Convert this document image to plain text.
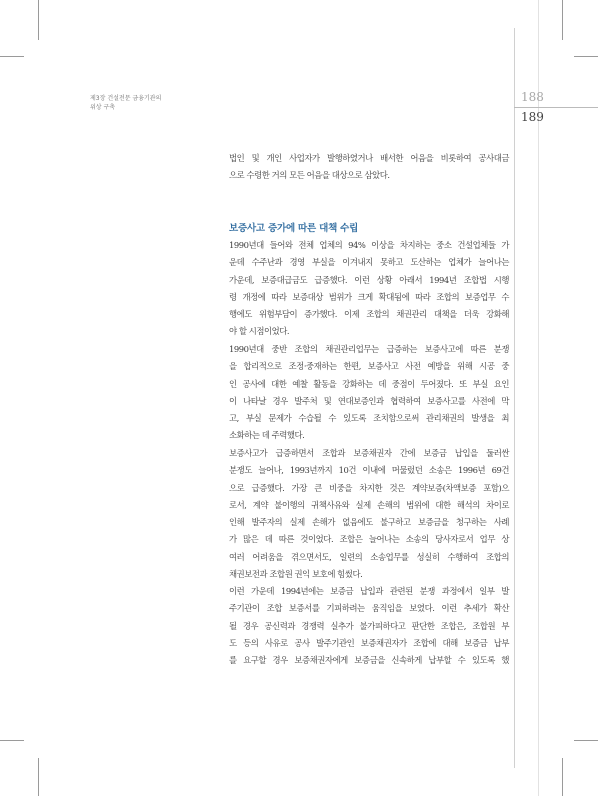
제3장 건설전문 금융기관의
위상 구축
188
189
법인 및 개인 사업자가 발행하였거나 배서한 어음을 비롯하여 공사대금
으로 수령한 거의 모든 어음을 대상으로 삼았다.
보증사고 증가에 따른 대책 수립
1990년대 들어와 전체 업체의 94% 이상을 차지하는 중소 건설업체들 가
운데 수주난과 경영 부실을 이겨내지 못하고 도산하는 업체가 늘어나는
가운데, 보증대급금도 급증했다. 이런 상황 아래서 1994년 조합법 시행
령 개정에 따라 보증대상 범위가 크게 확대됨에 따라 조합의 보증업무 수
행에도 위험부담이 증가했다. 이제 조합의 채권관리 대책을 더욱 강화해
야 할 시점이었다.
1990년대 중반 조합의 채권관리업무는 급증하는 보증사고에 따른 분쟁
을 합리적으로 조정·중재하는 한편, 보증사고 사전 예방을 위해 시공 중
인 공사에 대한 예찰 활동을 강화하는 데 중점이 두어졌다. 또 부실 요인
이 나타날 경우 발주처 및 연대보증인과 협력하여 보증사고를 사전에 막
고, 부실 문제가 수습될 수 있도록 조치함으로써 관리채권의 발생을 최
소화하는 데 주력했다.
보증사고가 급증하면서 조합과 보증채권자 간에 보증금 납입을 둘러싼
분쟁도 늘어나, 1993년까지 10건 이내에 머물렀던 소송은 1996년 69건
으로 급증했다. 가장 큰 비중을 차지한 것은 계약보증(차액보증 포함)으
로서, 계약 불이행의 귀책사유와 실제 손해의 범위에 대한 해석의 차이로
인해 발주자의 실제 손해가 없음에도 불구하고 보증금을 청구하는 사례
가 많은 데 따른 것이었다. 조합은 늘어나는 소송의 당사자로서 업무 상
여러 어려움을 겪으면서도, 일련의 소송업무를 성실히 수행하여 조합의
채권보전과 조합원 권익 보호에 힘썼다.
이런 가운데 1994년에는 보증금 납입과 관련된 분쟁 과정에서 일부 발
주기관이 조합 보증서를 기피하려는 움직임을 보였다. 이런 추세가 확산
될 경우 공신력과 경쟁력 실추가 불가피하다고 판단한 조합은, 조합원 부
도 등의 사유로 공사 발주기관인 보증채권자가 조합에 대해 보증금 납부
를 요구할 경우 보증채권자에게 보증금을 신속하게 납부할 수 있도록 했
